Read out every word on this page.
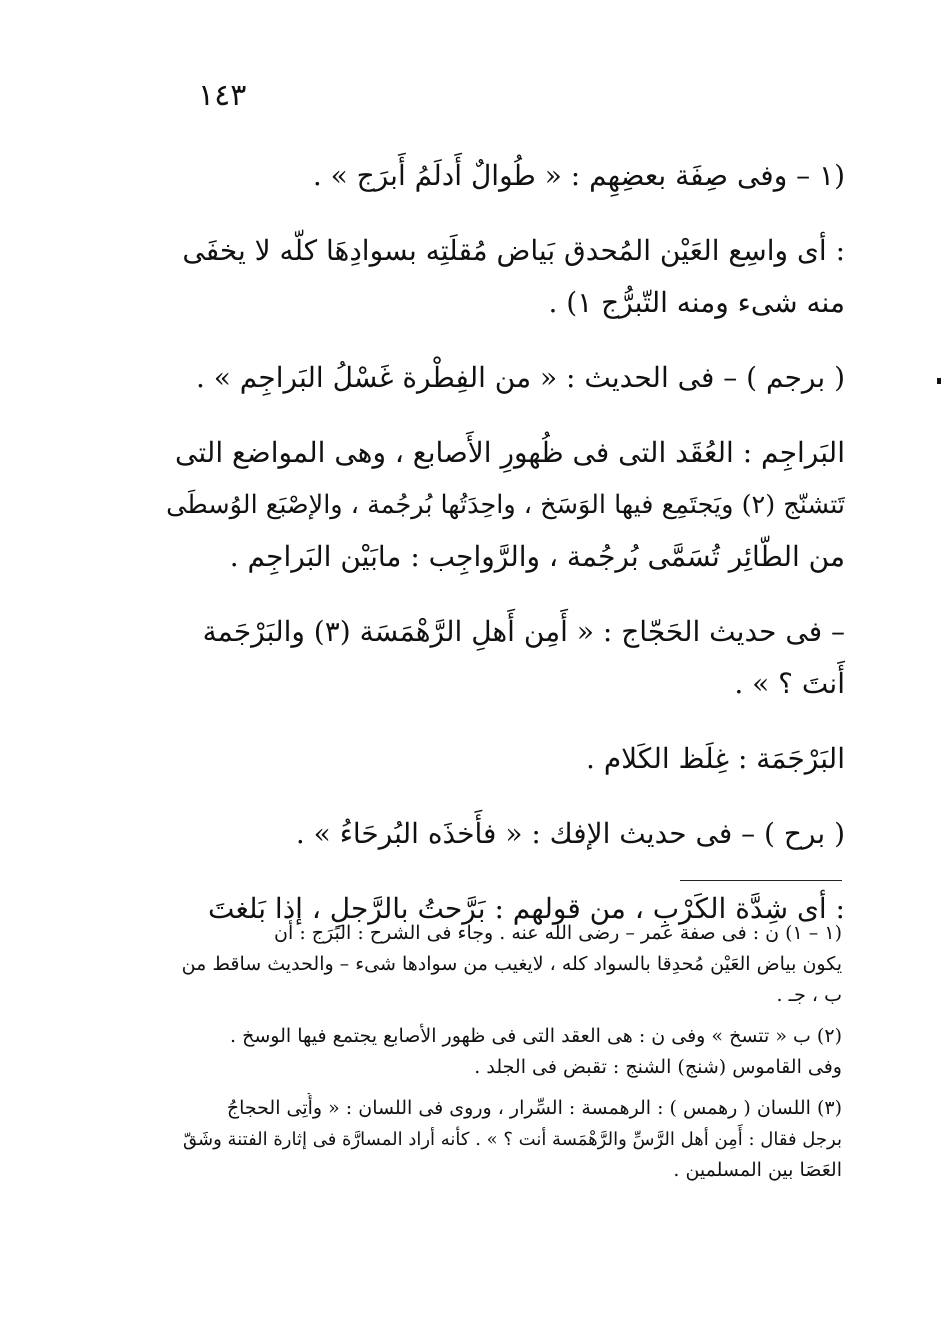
١٤٣
(١ – وفى صِفَة بعضِهِم : « طُوالٌ أَدلَمُ أَبرَج » .
: أى واسِع العَيْن المُحدق بَياض مُقلَتِه بسوادِهَا كلّه لا يخفَى
منه شىء ومنه التّبرُّج ١) .
( برجم ) – فى الحديث : « من الفِطْرة غَسْلُ البَراجِم » .
البَراجِم : العُقَد التى فى ظُهورِ الأَصابع ، وهى المواضع التى
تَتشنّج (٢) ويَجتَمِع فيها الوَسَخ ، واحِدَتُها بُرجُمة ، والإصْبَع الوُسطَى
من الطّائِر تُسَمَّى بُرجُمة ، والرَّواجِب : مابَيْن البَراجِم .
– فى حديث الحَجّاج : « أَمِن أَهلِ الرَّهْمَسَة (٣) والبَرْجَمة
أَنتَ ؟ » .
البَرْجَمَة : غِلَظ الكَلام .
( برح ) – فى حديث الإفك : « فأَخذَه البُرحَاءُ » .
: أى شِدَّة الكَرْبِ ، من قولهم : بَرَّحتُ بالرَّجلِ ، إذا بَلغتَ
(١ – ١) ن : فى صفة عمر – رضى الله عنه . وجاء فى الشرح : البَرَج : أن
يكون بياض العَيْن مُحدِقا بالسواد كله ، لايغيب من سوادها شىء – والحديث ساقط من
ب ، جـ .
(٢) ب « تتسخ » وفى ن : هى العقد التى فى ظهور الأصابع يجتمع فيها الوسخ .
وفى القاموس (شنج) الشنج : تقبض فى الجلد .
(٣) اللسان ( رهمس ) : الرهمسة : السِّرار ، وروى فى اللسان : « وأُتِى الحجاجُ
برجل فقال : أَمِن أهل الرَّسِّ والرَّهْمَسة أنت ؟ » . كأنه أراد المسارَّة فى إثارة الفتنة وشَقّ
العَصَا بين المسلمين .
